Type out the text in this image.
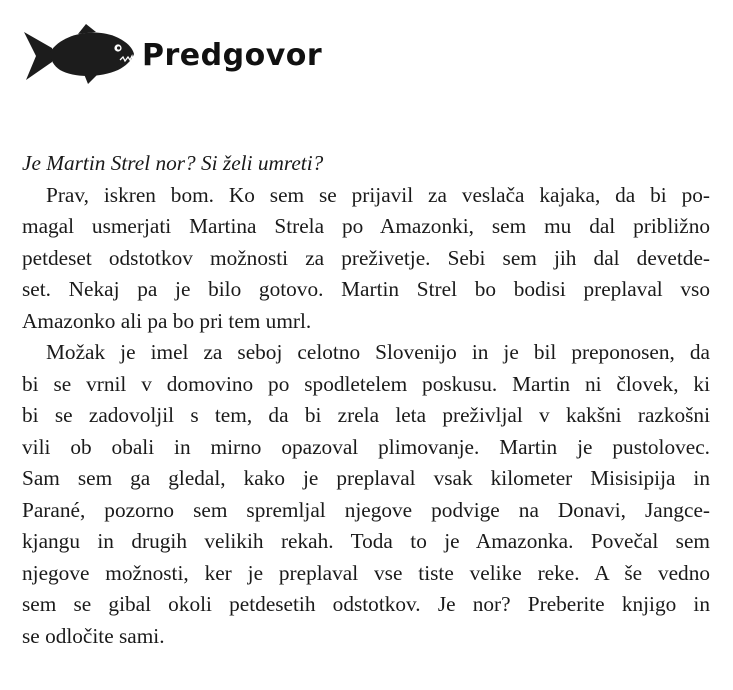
Predgovor
Je Martin Strel nor? Si želi umreti?
Prav, iskren bom. Ko sem se prijavil za veslača kajaka, da bi po-
magal usmerjati Martina Strela po Amazonki, sem mu dal približno
petdeset odstotkov možnosti za preživetje. Sebi sem jih dal devetde-
set. Nekaj pa je bilo gotovo. Martin Strel bo bodisi preplaval vso
Amazonko ali pa bo pri tem umrl.
Možak je imel za seboj celotno Slovenijo in je bil preponosen, da
bi se vrnil v domovino po spodletelem poskusu. Martin ni človek, ki
bi se zadovoljil s tem, da bi zrela leta preživljal v kakšni razkošni
vili ob obali in mirno opazoval plimovanje. Martin je pustolovec.
Sam sem ga gledal, kako je preplaval vsak kilometer Misisipija in
Parané, pozorno sem spremljal njegove podvige na Donavi, Jangce-
kjangu in drugih velikih rekah. Toda to je Amazonka. Povečal sem
njegove možnosti, ker je preplaval vse tiste velike reke. A še vedno
sem se gibal okoli petdesetih odstotkov. Je nor? Preberite knjigo in
se odločite sami.
